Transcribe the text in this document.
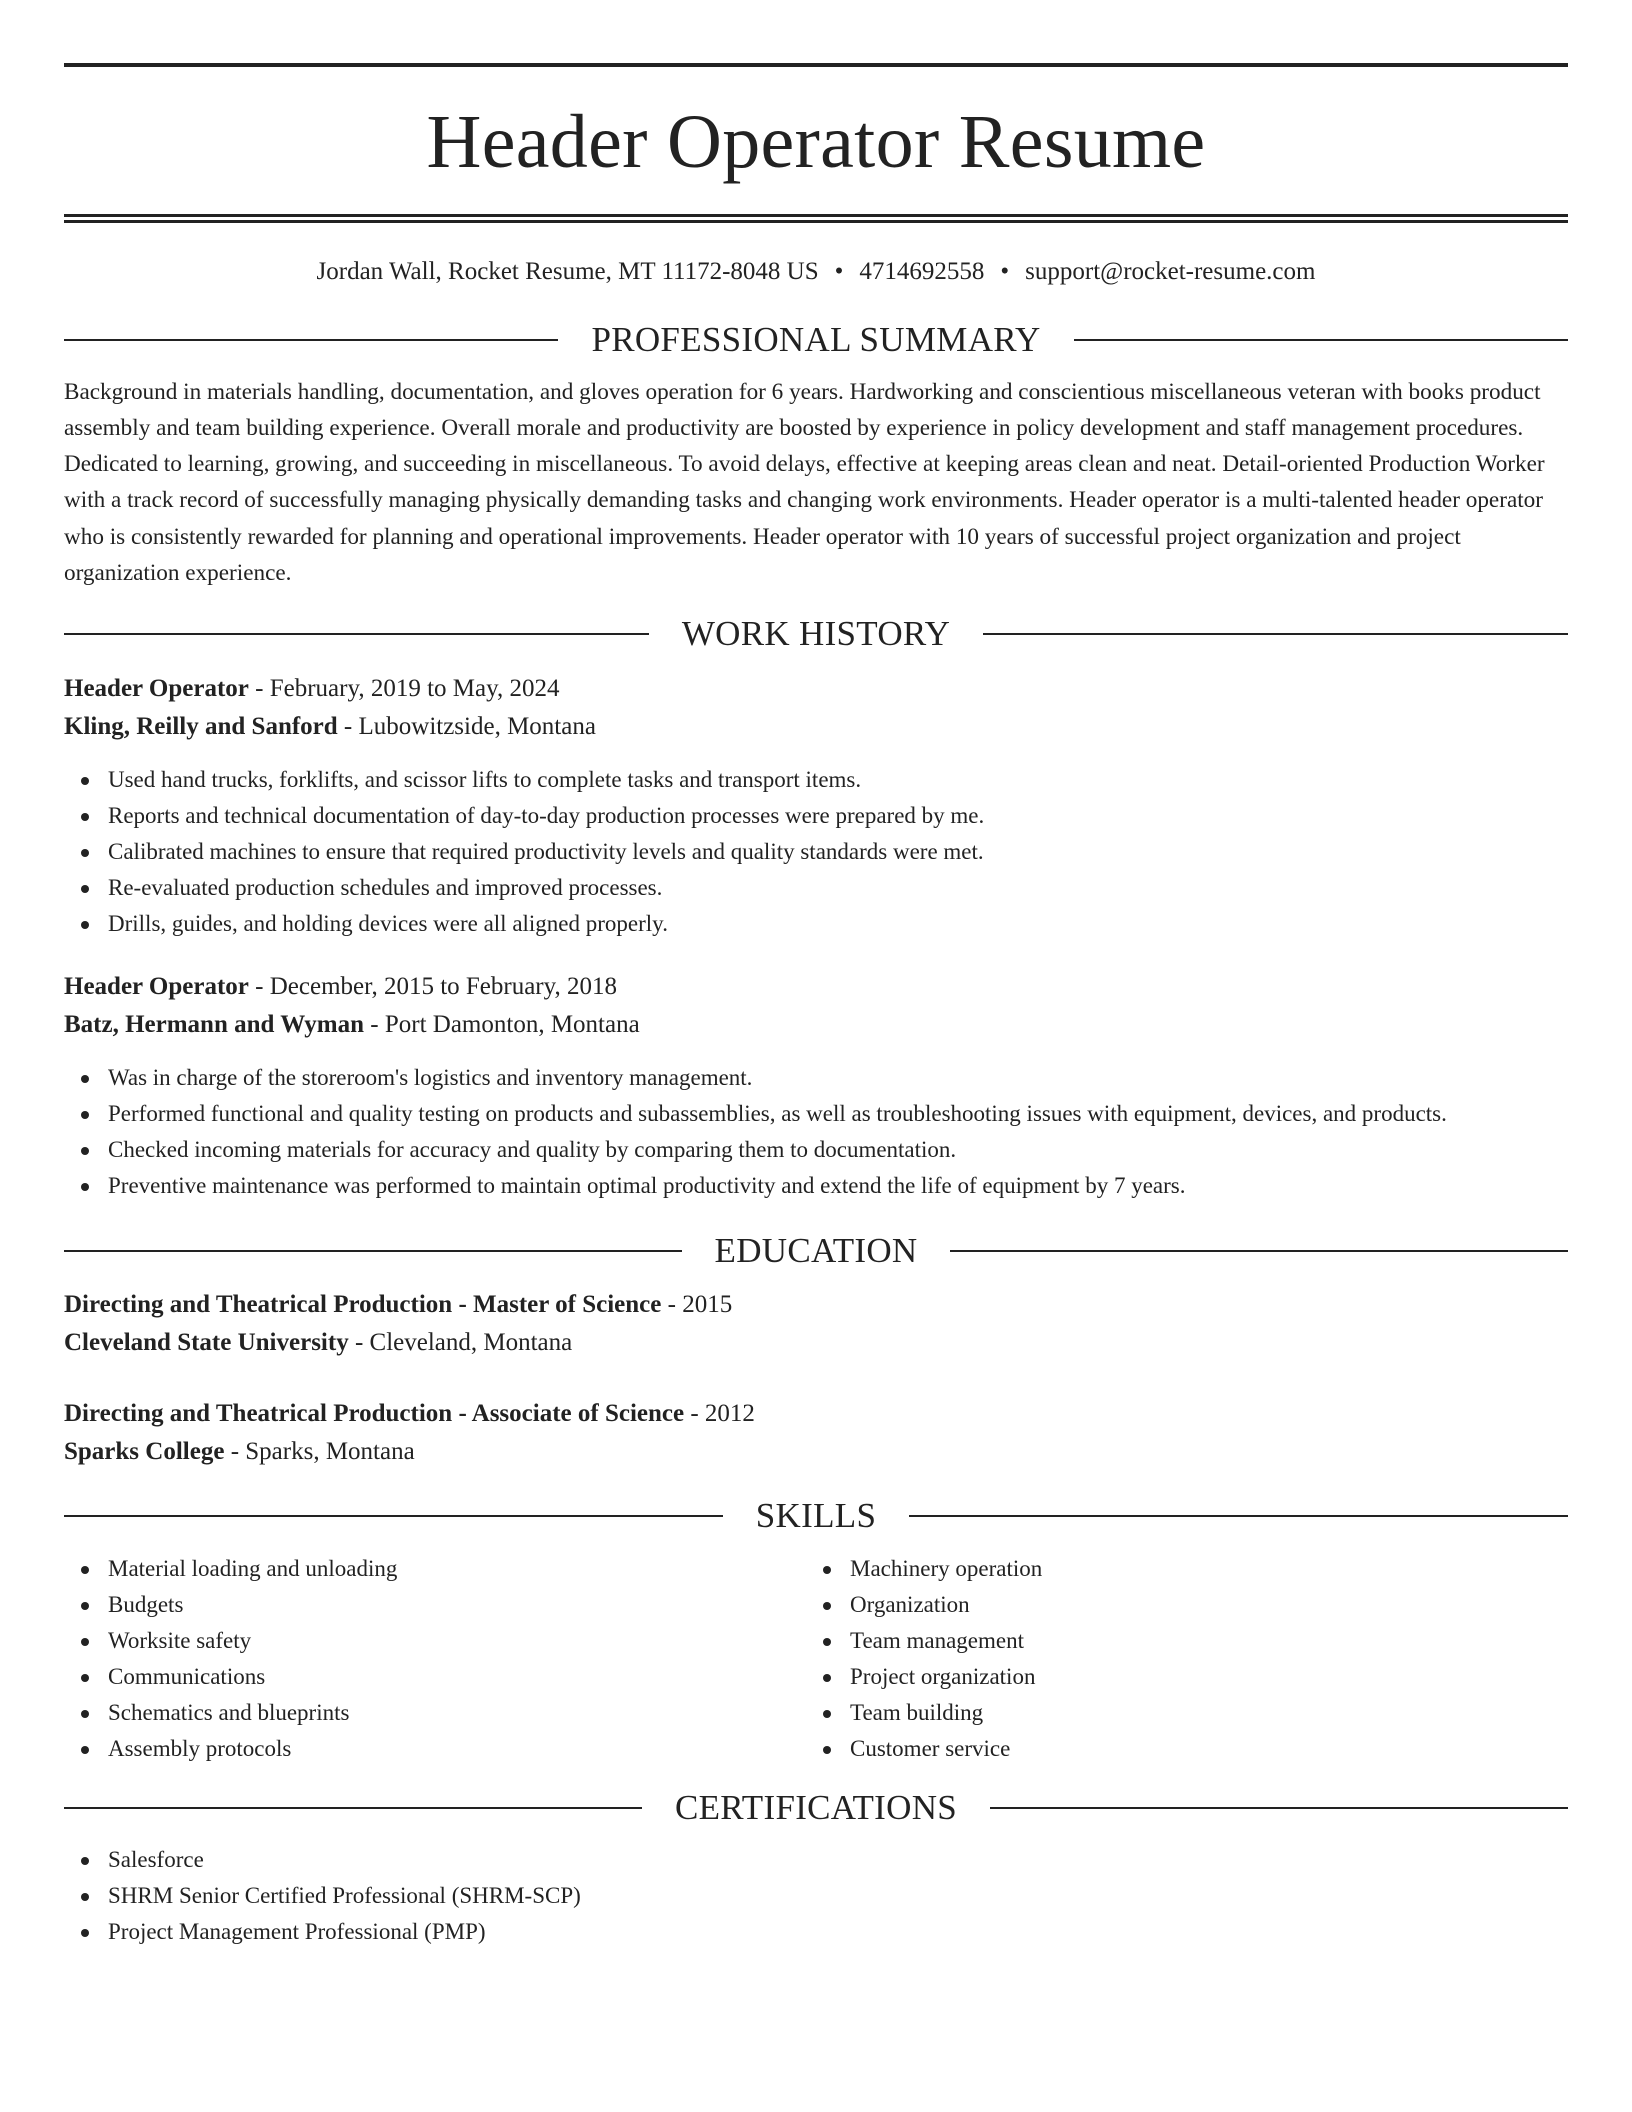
Header Operator Resume
Jordan Wall, Rocket Resume, MT 11172-8048 US • 4714692558 • support@rocket-resume.com
PROFESSIONAL SUMMARY
Background in materials handling, documentation, and gloves operation for 6 years. Hardworking and conscientious miscellaneous veteran with books product assembly and team building experience. Overall morale and productivity are boosted by experience in policy development and staff management procedures. Dedicated to learning, growing, and succeeding in miscellaneous. To avoid delays, effective at keeping areas clean and neat. Detail-oriented Production Worker with a track record of successfully managing physically demanding tasks and changing work environments. Header operator is a multi-talented header operator who is consistently rewarded for planning and operational improvements. Header operator with 10 years of successful project organization and project organization experience.
WORK HISTORY
Header Operator - February, 2019 to May, 2024
Kling, Reilly and Sanford - Lubowitzside, Montana
Used hand trucks, forklifts, and scissor lifts to complete tasks and transport items.
Reports and technical documentation of day-to-day production processes were prepared by me.
Calibrated machines to ensure that required productivity levels and quality standards were met.
Re-evaluated production schedules and improved processes.
Drills, guides, and holding devices were all aligned properly.
Header Operator - December, 2015 to February, 2018
Batz, Hermann and Wyman - Port Damonton, Montana
Was in charge of the storeroom's logistics and inventory management.
Performed functional and quality testing on products and subassemblies, as well as troubleshooting issues with equipment, devices, and products.
Checked incoming materials for accuracy and quality by comparing them to documentation.
Preventive maintenance was performed to maintain optimal productivity and extend the life of equipment by 7 years.
EDUCATION
Directing and Theatrical Production - Master of Science - 2015
Cleveland State University - Cleveland, Montana
Directing and Theatrical Production - Associate of Science - 2012
Sparks College - Sparks, Montana
SKILLS
Material loading and unloading
Budgets
Worksite safety
Communications
Schematics and blueprints
Assembly protocols
Machinery operation
Organization
Team management
Project organization
Team building
Customer service
CERTIFICATIONS
Salesforce
SHRM Senior Certified Professional (SHRM-SCP)
Project Management Professional (PMP)
